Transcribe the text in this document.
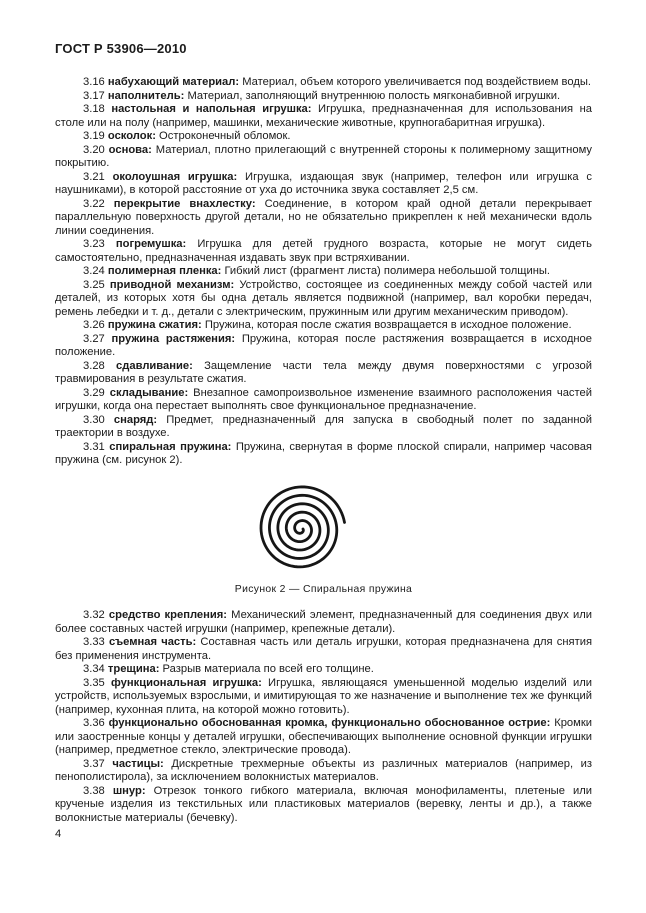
ГОСТ Р 53906—2010

3.16 набухающий материал: Материал, объем которого увеличивается под воздействием воды.

3.17 наполнитель: Материал, заполняющий внутреннюю полость мягконабивной игрушки.

3.18 настольная и напольная игрушка: Игрушка, предназначенная для использования на столе или на полу (например, машинки, механические животные, крупногабаритная игрушка).

3.19 осколок: Остроконечный обломок.

3.20 основа: Материал, плотно прилегающий с внутренней стороны к полимерному защитному покрытию.

3.21 околоушная игрушка: Игрушка, издающая звук (например, телефон или игрушка с наушниками), в которой расстояние от уха до источника звука составляет 2,5 см.

3.22 перекрытие внахлестку: Соединение, в котором край одной детали перекрывает параллельную поверхность другой детали, но не обязательно прикреплен к ней механически вдоль линии соединения.

3.23 погремушка: Игрушка для детей грудного возраста, которые не могут сидеть самостоятельно, предназначенная издавать звук при встряхивании.

3.24 полимерная пленка: Гибкий лист (фрагмент листа) полимера небольшой толщины.

3.25 приводной механизм: Устройство, состоящее из соединенных между собой частей или деталей, из которых хотя бы одна деталь является подвижной (например, вал коробки передач, ремень лебедки и т. д., детали с электрическим, пружинным или другим механическим приводом).

3.26 пружина сжатия: Пружина, которая после сжатия возвращается в исходное положение.

3.27 пружина растяжения: Пружина, которая после растяжения возвращается в исходное положение.

3.28 сдавливание: Защемление части тела между двумя поверхностями с угрозой травмирования в результате сжатия.

3.29 складывание: Внезапное самопроизвольное изменение взаимного расположения частей игрушки, когда она перестает выполнять свое функциональное предназначение.

3.30 снаряд: Предмет, предназначенный для запуска в свободный полет по заданной траектории в воздухе.

3.31 спиральная пружина: Пружина, свернутая в форме плоской спирали, например часовая пружина (см. рисунок 2).

Рисунок 2 — Спиральная пружина

3.32 средство крепления: Механический элемент, предназначенный для соединения двух или более составных частей игрушки (например, крепежные детали).

3.33 съемная часть: Составная часть или деталь игрушки, которая предназначена для снятия без применения инструмента.

3.34 трещина: Разрыв материала по всей его толщине.

3.35 функциональная игрушка: Игрушка, являющаяся уменьшенной моделью изделий или устройств, используемых взрослыми, и имитирующая то же назначение и выполнение тех же функций (например, кухонная плита, на которой можно готовить).

3.36 функционально обоснованная кромка, функционально обоснованное острие: Кромки или заостренные концы у деталей игрушки, обеспечивающих выполнение основной функции игрушки (например, предметное стекло, электрические провода).

3.37 частицы: Дискретные трехмерные объекты из различных материалов (например, из пенополистирола), за исключением волокнистых материалов.

3.38 шнур: Отрезок тонкого гибкого материала, включая монофиламенты, плетеные или крученые изделия из текстильных или пластиковых материалов (веревку, ленты и др.), а также волокнистые материалы (бечевку).

4
